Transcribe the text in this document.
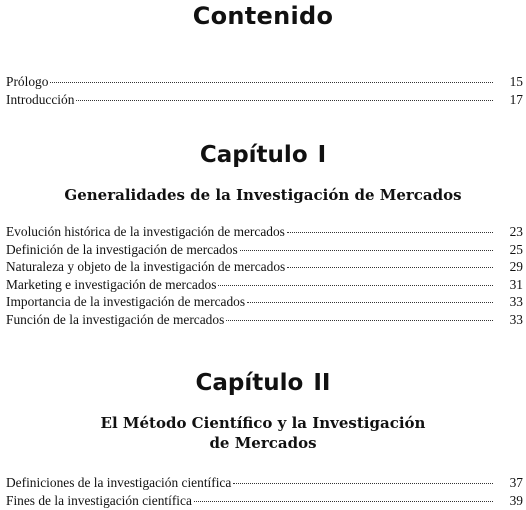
Contenido
Prólogo	15
Introducción	17
Capítulo I
Generalidades de la Investigación de Mercados
Evolución histórica de la investigación de mercados	23
Definición de la investigación de mercados	25
Naturaleza y objeto de la investigación de mercados	29
Marketing e investigación de mercados	31
Importancia de la investigación de mercados	33
Función de la investigación de mercados	33
Capítulo II
El Método Científico y la Investigación
de Mercados
Definiciones de la investigación científica	37
Fines de la investigación científica	39
